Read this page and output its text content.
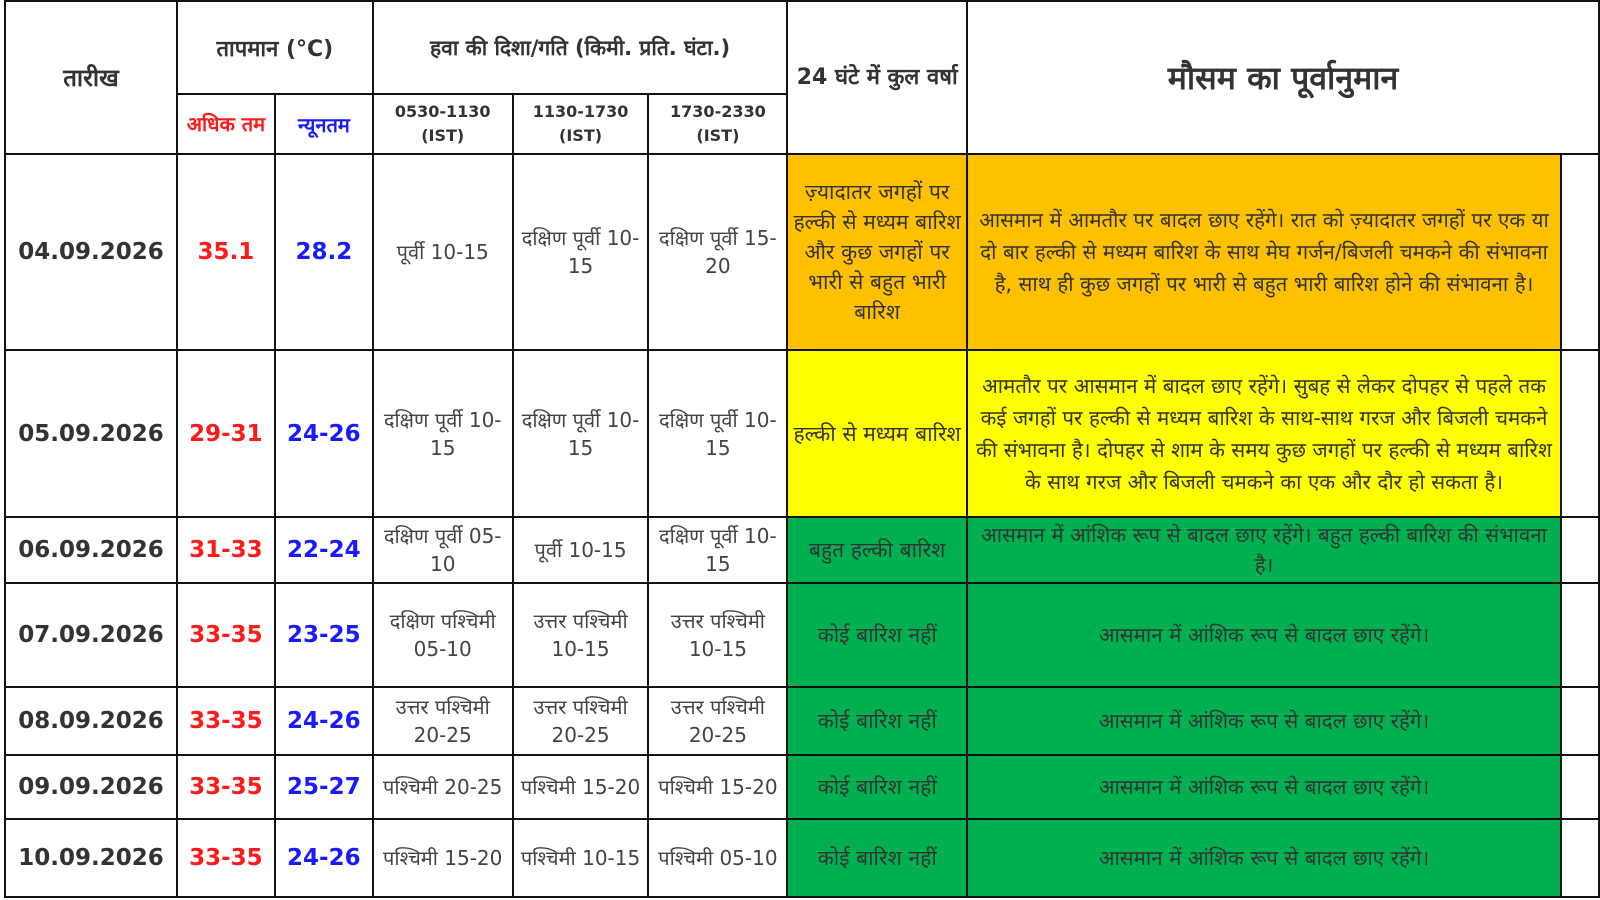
तारीख	तापमान (°C)		हवा की दिशा/गति (किमी. प्रति. घंटा.)			24 घंटे में कुल वर्षा	मौसम का पूर्वानुमान	
	अधिक तम	न्यूनतम	0530-1130 (IST)	1130-1730 (IST)	1730-2330 (IST)			
04.09.2026	35.1	28.2	पूर्वी 10-15	दक्षिण पूर्वी 10-15	दक्षिण पूर्वी 15-20	ज़्यादातर जगहों पर हल्की से मध्यम बारिश और कुछ जगहों पर भारी से बहुत भारी बारिश	आसमान में आमतौर पर बादल छाए रहेंगे। रात को ज़्यादातर जगहों पर एक या दो बार हल्की से मध्यम बारिश के साथ मेघ गर्जन/बिजली चमकने की संभावना है, साथ ही कुछ जगहों पर भारी से बहुत भारी बारिश होने की संभावना है।	
05.09.2026	29-31	24-26	दक्षिण पूर्वी 10-15	दक्षिण पूर्वी 10-15	दक्षिण पूर्वी 10-15	हल्की से मध्यम बारिश	आमतौर पर आसमान में बादल छाए रहेंगे। सुबह से लेकर दोपहर से पहले तक कई जगहों पर हल्की से मध्यम बारिश के साथ-साथ गरज और बिजली चमकने की संभावना है। दोपहर से शाम के समय कुछ जगहों पर हल्की से मध्यम बारिश के साथ गरज और बिजली चमकने का एक और दौर हो सकता है।	
06.09.2026	31-33	22-24	दक्षिण पूर्वी 05-10	पूर्वी 10-15	दक्षिण पूर्वी 10-15	बहुत हल्की बारिश	आसमान में आंशिक रूप से बादल छाए रहेंगे। बहुत हल्की बारिश की संभावना है।	
07.09.2026	33-35	23-25	दक्षिण पश्चिमी 05-10	उत्तर पश्चिमी 10-15	उत्तर पश्चिमी 10-15	कोई बारिश नहीं	आसमान में आंशिक रूप से बादल छाए रहेंगे।	
08.09.2026	33-35	24-26	उत्तर पश्चिमी 20-25	उत्तर पश्चिमी 20-25	उत्तर पश्चिमी 20-25	कोई बारिश नहीं	आसमान में आंशिक रूप से बादल छाए रहेंगे।	
09.09.2026	33-35	25-27	पश्चिमी 20-25	पश्चिमी 15-20	पश्चिमी 15-20	कोई बारिश नहीं	आसमान में आंशिक रूप से बादल छाए रहेंगे।	
10.09.2026	33-35	24-26	पश्चिमी 15-20	पश्चिमी 10-15	पश्चिमी 05-10	कोई बारिश नहीं	आसमान में आंशिक रूप से बादल छाए रहेंगे।	
